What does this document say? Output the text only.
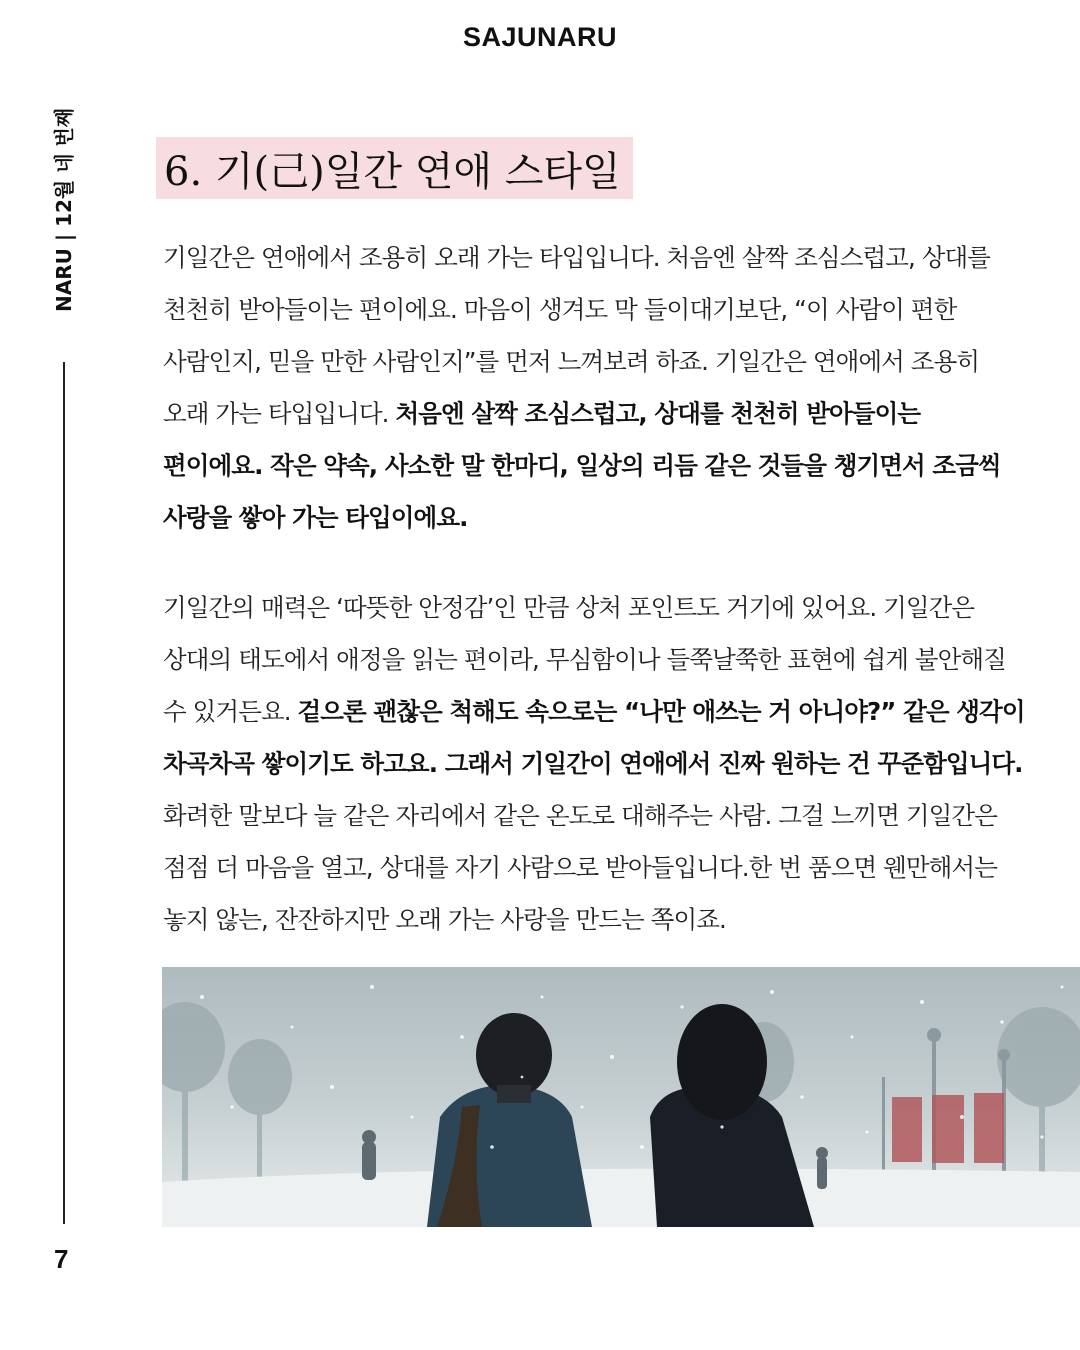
SAJUNARU
NARU | 12월 네 번째
7
6. 기(己)일간 연애 스타일

기일간은 연애에서 조용히 오래 가는 타입입니다. 처음엔 살짝 조심스럽고, 상대를 천천히 받아들이는 편이에요. 마음이 생겨도 막 들이대기보단, “이 사람이 편한 사람인지, 믿을 만한 사람인지”를 먼저 느껴보려 하죠. 기일간은 연애에서 조용히 오래 가는 타입입니다. 처음엔 살짝 조심스럽고, 상대를 천천히 받아들이는 편이에요. 작은 약속, 사소한 말 한마디, 일상의 리듬 같은 것들을 챙기면서 조금씩 사랑을 쌓아 가는 타입이에요.

기일간의 매력은 ‘따뜻한 안정감’인 만큼 상처 포인트도 거기에 있어요. 기일간은 상대의 태도에서 애정을 읽는 편이라, 무심함이나 들쭉날쭉한 표현에 쉽게 불안해질 수 있거든요. 겉으론 괜찮은 척해도 속으로는 “나만 애쓰는 거 아니야?” 같은 생각이 차곡차곡 쌓이기도 하고요. 그래서 기일간이 연애에서 진짜 원하는 건 꾸준함입니다. 화려한 말보다 늘 같은 자리에서 같은 온도로 대해주는 사람. 그걸 느끼면 기일간은 점점 더 마음을 열고, 상대를 자기 사람으로 받아들입니다.한 번 품으면 웬만해서는 놓지 않는, 잔잔하지만 오래 가는 사랑을 만드는 쪽이죠.
